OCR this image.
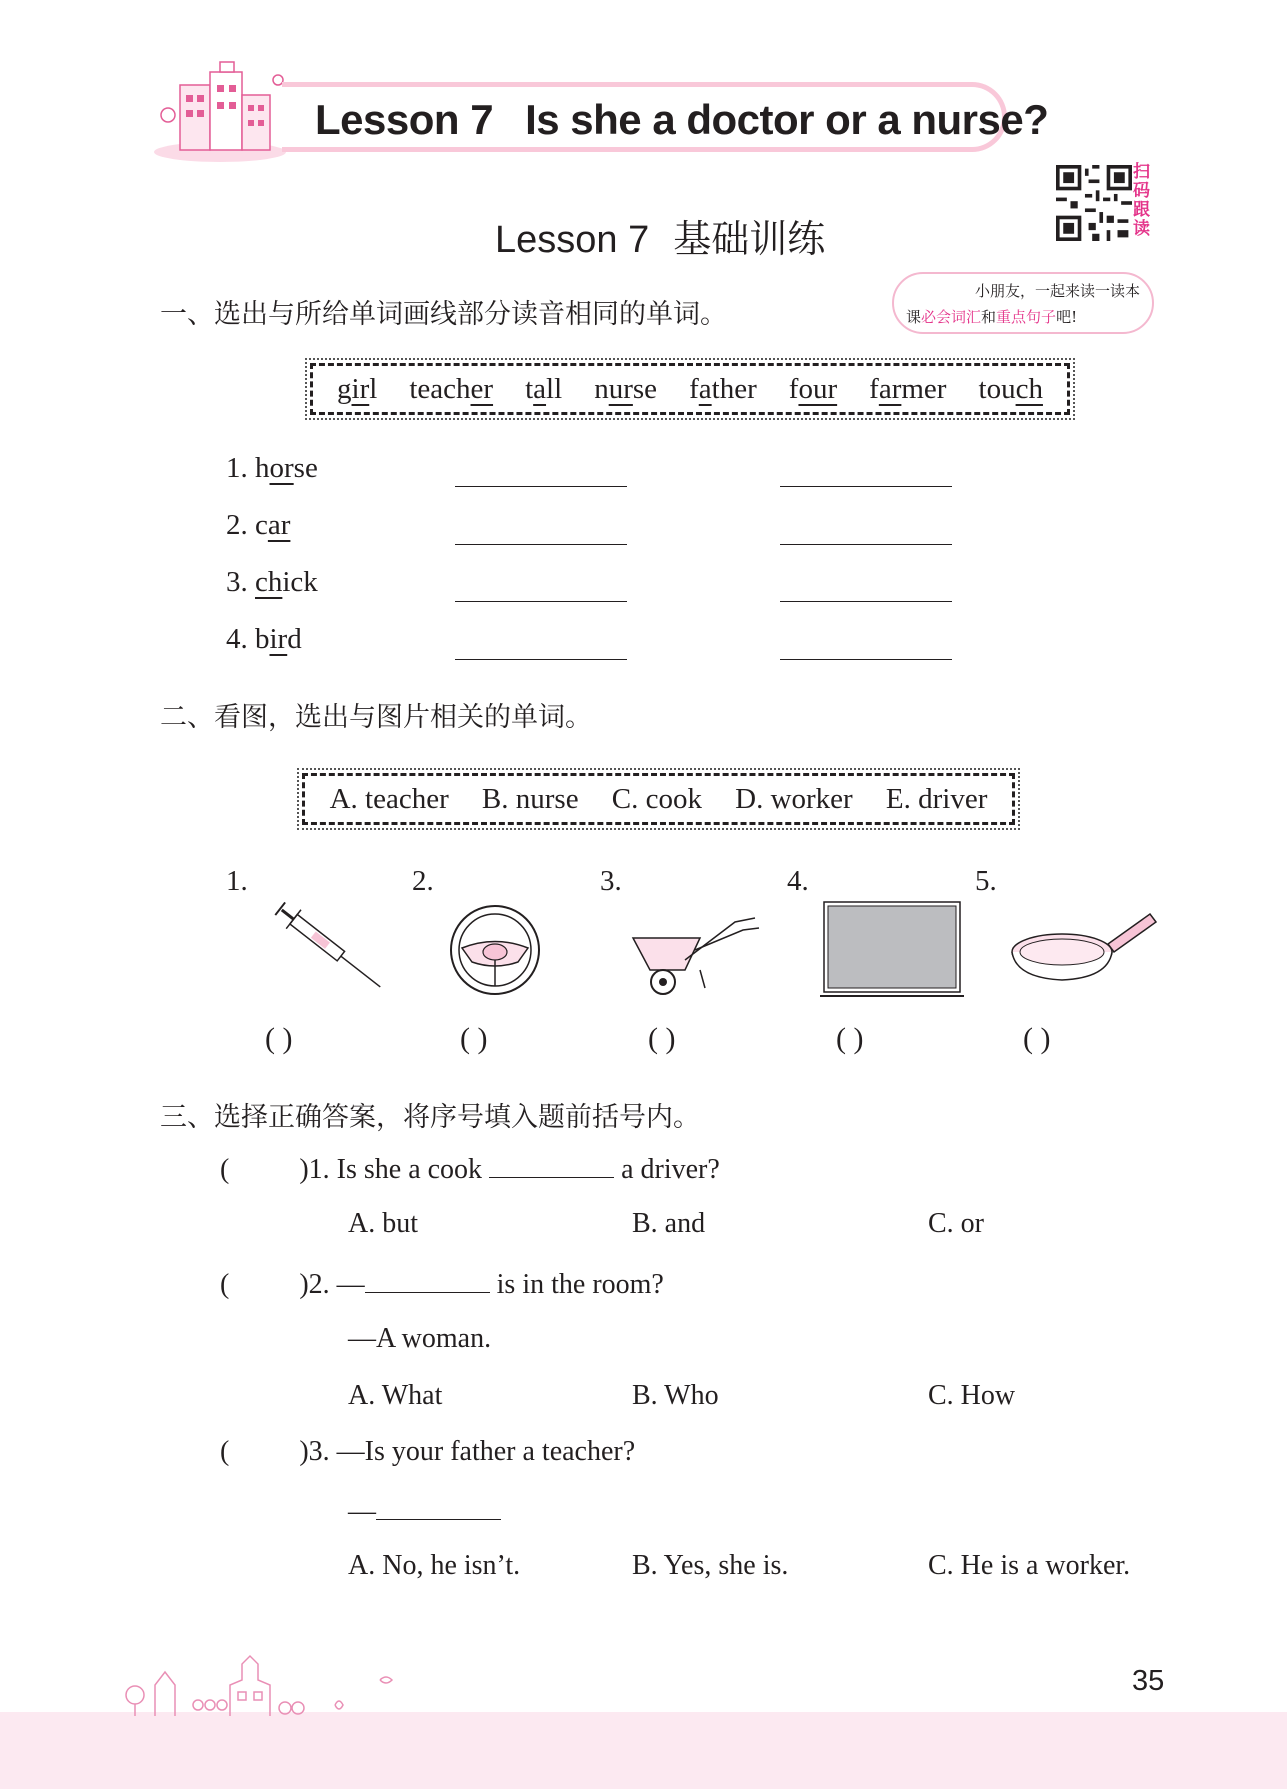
Lesson 7 Is she a doctor or a nurse?
Lesson 7 基础训练
扫
码
跟
读
小朋友，一起来读一读本
课必会词汇和重点句子吧!
一、选出与所给单词画线部分读音相同的单词。
girl teacher tall nurse father four farmer touch
1. horse
2. car
3. chick
4. bird
二、看图，选出与图片相关的单词。
A. teacher B. nurse C. cook D. worker E. driver
1.	2.	3.	4.	5.
( )	( )	( )	( )	( )
三、选择正确答案，将序号填入题前括号内。
(          )1. Is she a cook	a driver?
A. but	B. and	C. or
(          )2. —	is in the room?
—A woman.
A. What	B. Who	C. How
(          )3. —Is your father a teacher?
—
A. No, he isn’t.	B. Yes, she is.	C. He is a worker.
35
